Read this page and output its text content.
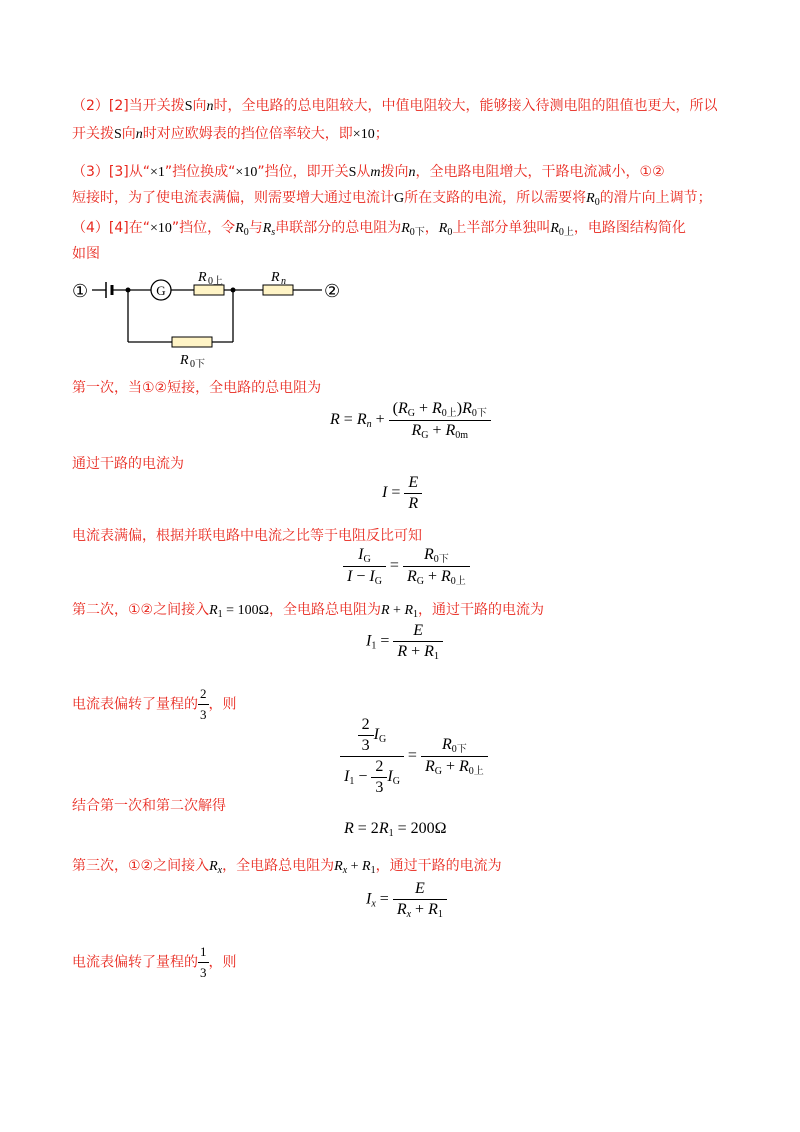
（2）[2]当开关拨S向n时，全电路的总电阻较大，中值电阻较大，能够接入待测电阻的阻值也更大，所以
开关拨S向n时对应欧姆表的挡位倍率较大，即×10；
（3）[3]从“×1”挡位换成“×10”挡位，即开关S从m拨向n，全电路电阻增大，干路电流减小，①②
短接时，为了使电流表满偏，则需要增大通过电流计G所在支路的电流，所以需要将$R_0$的滑片向上调节；
（4）[4]在“×10”挡位，令$R_0$与$R_s$串联部分的总电阻为$R_{0下}$，$R_0$上半部分单独叫$R_{0上}$，电路图结构简化
如图
①	G
R 0上	R n ②
R 0下
第一次，当①②短接，全电路的总电阻为
$R = R_n + \frac{(R_G + R_{0上})R_{0下}}{R_G + R_{0m}}$
通过干路的电流为
$I = \frac{E}{R}$
电流表满偏，根据并联电路中电流之比等于电阻反比可知
$\frac{I_G}{I - I_G} = \frac{R_{0下}}{R_G + R_{0上}}$
第二次，①②之间接入$R_1 = 100\Omega$，全电路总电阻为$R + R_1$，通过干路的电流为
$I_1 = \frac{E}{R + R_1}$
电流表偏转了量程的 $\frac{2}{3}$ ，则
$\frac{\frac{2}{3} I_G}{I_1 - \frac{2}{3} I_G} = \frac{R_{0下}}{R_G + R_{0上}}$
结合第一次和第二次解得
$R = 2R_1 = 200\Omega$
第三次，①②之间接入$R_x$，全电路总电阻为$R_x + R_1$，通过干路的电流为
$I_x = \frac{E}{R_x + R_1}$
电流表偏转了量程的 $\frac{1}{3}$ ，则
